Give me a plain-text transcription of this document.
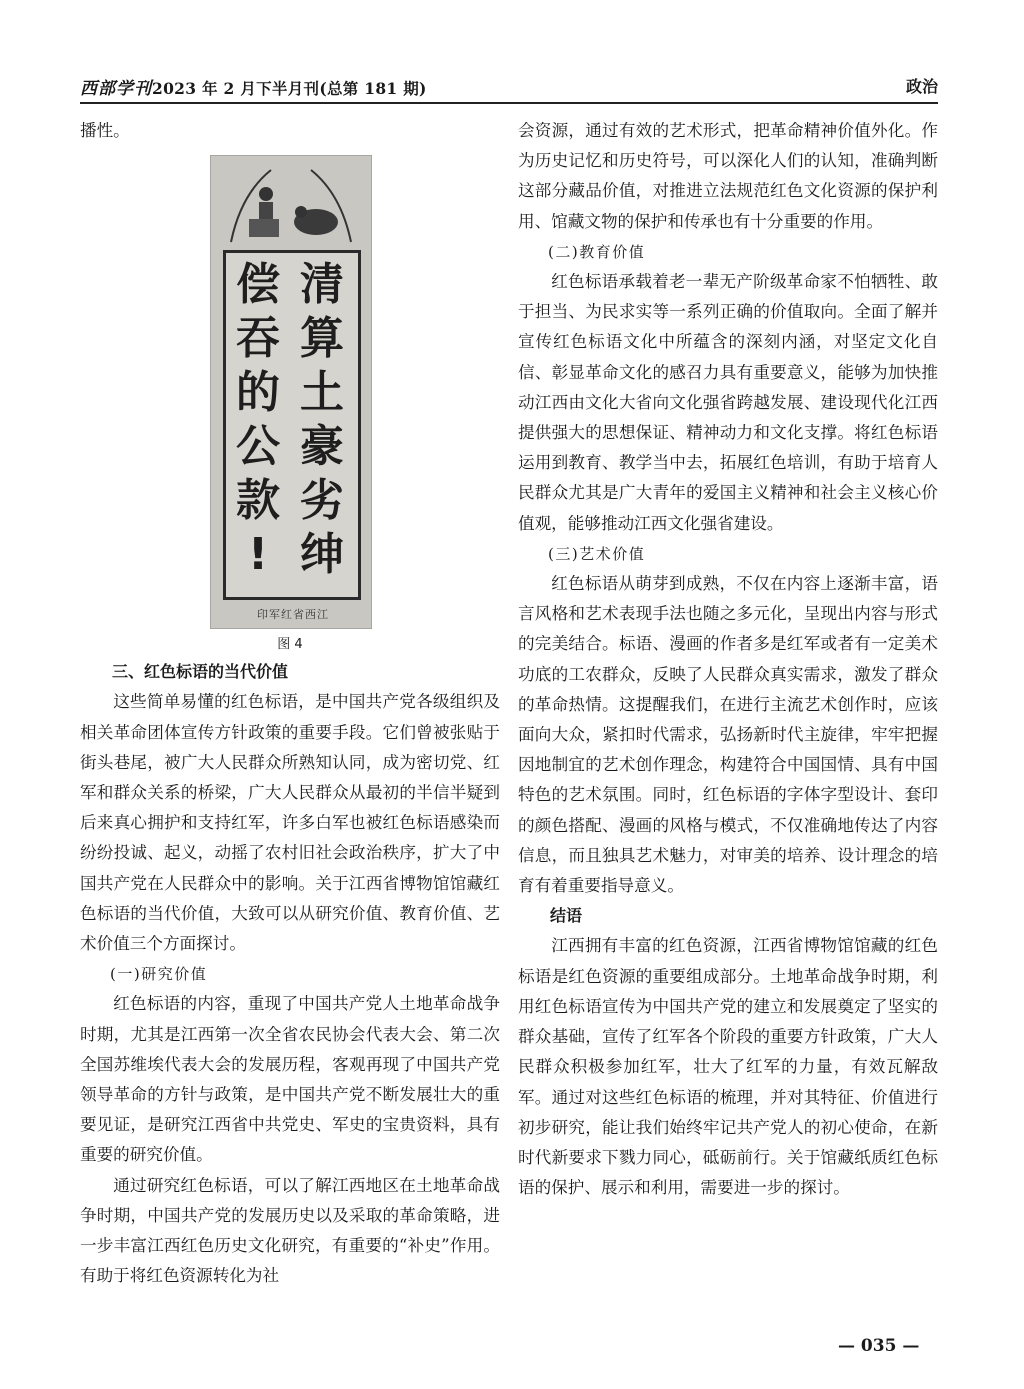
西部学刊2023 年 2 月下半月刊(总第 181 期)	政治

播性。

清
算
土
豪
劣
绅
偿
吞
的
公
款
!
印军红省西江
图 4

三、红色标语的当代价值

这些简单易懂的红色标语，是中国共产党各级组织及相关革命团体宣传方针政策的重要手段。它们曾被张贴于街头巷尾，被广大人民群众所熟知认同，成为密切党、红军和群众关系的桥梁，广大人民群众从最初的半信半疑到后来真心拥护和支持红军，许多白军也被红色标语感染而纷纷投诚、起义，动摇了农村旧社会政治秩序，扩大了中国共产党在人民群众中的影响。关于江西省博物馆馆藏红色标语的当代价值，大致可以从研究价值、教育价值、艺术价值三个方面探讨。

(一)研究价值

红色标语的内容，重现了中国共产党人土地革命战争时期，尤其是江西第一次全省农民协会代表大会、第二次全国苏维埃代表大会的发展历程，客观再现了中国共产党领导革命的方针与政策，是中国共产党不断发展壮大的重要见证，是研究江西省中共党史、军史的宝贵资料，具有重要的研究价值。

通过研究红色标语，可以了解江西地区在土地革命战争时期，中国共产党的发展历史以及采取的革命策略，进一步丰富江西红色历史文化研究，有重要的“补史”作用。有助于将红色资源转化为社

会资源，通过有效的艺术形式，把革命精神价值外化。作为历史记忆和历史符号，可以深化人们的认知，准确判断这部分藏品价值，对推进立法规范红色文化资源的保护利用、馆藏文物的保护和传承也有十分重要的作用。

(二)教育价值

红色标语承载着老一辈无产阶级革命家不怕牺牲、敢于担当、为民求实等一系列正确的价值取向。全面了解并宣传红色标语文化中所蕴含的深刻内涵，对坚定文化自信、彰显革命文化的感召力具有重要意义，能够为加快推动江西由文化大省向文化强省跨越发展、建设现代化江西提供强大的思想保证、精神动力和文化支撑。将红色标语运用到教育、教学当中去，拓展红色培训，有助于培育人民群众尤其是广大青年的爱国主义精神和社会主义核心价值观，能够推动江西文化强省建设。

(三)艺术价值

红色标语从萌芽到成熟，不仅在内容上逐渐丰富，语言风格和艺术表现手法也随之多元化，呈现出内容与形式的完美结合。标语、漫画的作者多是红军或者有一定美术功底的工农群众，反映了人民群众真实需求，激发了群众的革命热情。这提醒我们，在进行主流艺术创作时，应该面向大众，紧扣时代需求，弘扬新时代主旋律，牢牢把握因地制宜的艺术创作理念，构建符合中国国情、具有中国特色的艺术氛围。同时，红色标语的字体字型设计、套印的颜色搭配、漫画的风格与模式，不仅准确地传达了内容信息，而且独具艺术魅力，对审美的培养、设计理念的培育有着重要指导意义。

结语

江西拥有丰富的红色资源，江西省博物馆馆藏的红色标语是红色资源的重要组成部分。土地革命战争时期，利用红色标语宣传为中国共产党的建立和发展奠定了坚实的群众基础，宣传了红军各个阶段的重要方针政策，广大人民群众积极参加红军，壮大了红军的力量，有效瓦解敌军。通过对这些红色标语的梳理，并对其特征、价值进行初步研究，能让我们始终牢记共产党人的初心使命，在新时代新要求下戮力同心，砥砺前行。关于馆藏纸质红色标语的保护、展示和利用，需要进一步的探讨。

— 035 —
